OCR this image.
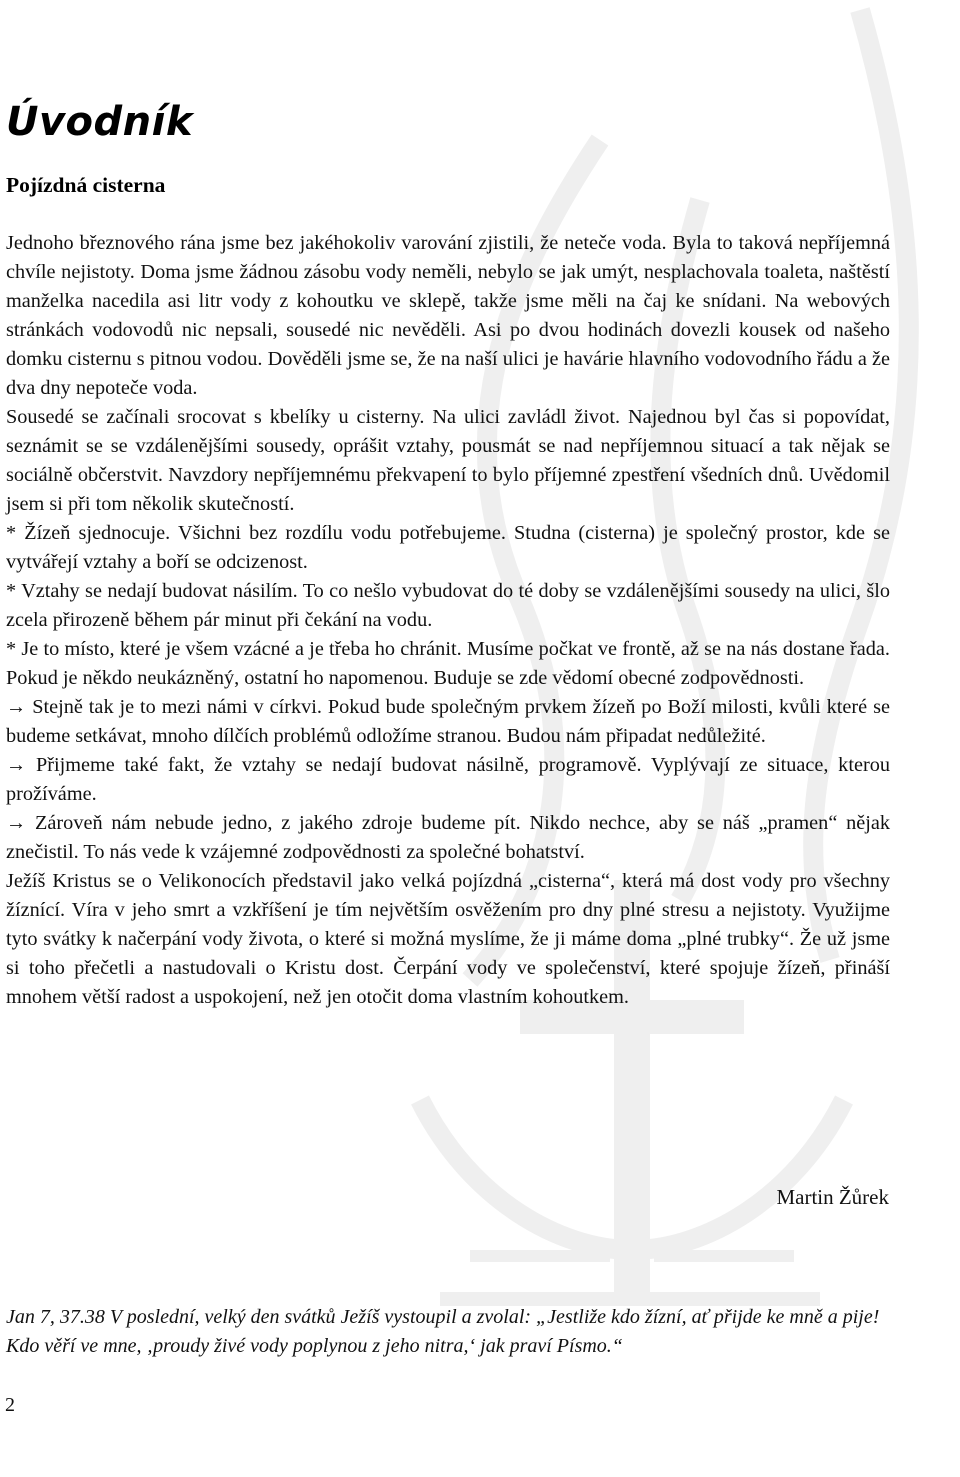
Úvodník
Pojízdná cisterna

Jednoho březnového rána jsme bez jakéhokoliv varování zjistili, že neteče voda. Byla to taková nepříjemná chvíle nejistoty. Doma jsme žádnou zásobu vody neměli, nebylo se jak umýt, nesplachovala toaleta, naštěstí manželka nacedila asi litr vody z kohoutku ve sklepě, takže jsme měli na čaj ke snídani. Na webových stránkách vodovodů nic nepsali, sousedé nic nevěděli. Asi po dvou hodinách dovezli kousek od našeho domku cisternu s pitnou vodou. Dověděli jsme se, že na naší ulici je havárie hlavního vodovodního řádu a že dva dny nepoteče voda.

Sousedé se začínali srocovat s kbelíky u cisterny. Na ulici zavládl život. Najednou byl čas si popovídat, seznámit se se vzdálenějšími sousedy, oprášit vztahy, pousmát se nad nepříjemnou situací a tak nějak se sociálně občerstvit. Navzdory nepříjemnému překvapení to bylo příjemné zpestření všedních dnů. Uvědomil jsem si při tom několik skutečností.

* Žízeň sjednocuje. Všichni bez rozdílu vodu potřebujeme. Studna (cisterna) je společný prostor, kde se vytvářejí vztahy a boří se odcizenost.

* Vztahy se nedají budovat násilím. To co nešlo vybudovat do té doby se vzdálenějšími sousedy na ulici, šlo zcela přirozeně během pár minut při čekání na vodu.

* Je to místo, které je všem vzácné a je třeba ho chránit. Musíme počkat ve frontě, až se na nás dostane řada. Pokud je někdo neukázněný, ostatní ho napomenou. Buduje se zde vědomí obecné zodpovědnosti.

→ Stejně tak je to mezi námi v církvi. Pokud bude společným prvkem žízeň po Boží milosti, kvůli které se budeme setkávat, mnoho dílčích problémů odložíme stranou. Budou nám připadat nedůležité.

→ Přijmeme také fakt, že vztahy se nedají budovat násilně, programově. Vyplývají ze situace, kterou prožíváme.

→ Zároveň nám nebude jedno, z jakého zdroje budeme pít. Nikdo nechce, aby se náš „pramen“ nějak znečistil. To nás vede k vzájemné zodpovědnosti za společné bohatství.

Ježíš Kristus se o Velikonocích představil jako velká pojízdná „cisterna“, která má dost vody pro všechny žíznící. Víra v jeho smrt a vzkříšení je tím největším osvěžením pro dny plné stresu a nejistoty. Využijme tyto svátky k načerpání vody života, o které si možná myslíme, že ji máme doma „plné trubky“. Že už jsme si toho přečetli a nastudovali o Kristu dost. Čerpání vody ve společenství, které spojuje žízeň, přináší mnohem větší radost a uspokojení, než jen otočit doma vlastním kohoutkem.

Martin Žůrek

Jan 7, 37.38 V poslední, velký den svátků Ježíš vystoupil a zvolal: „Jestliže kdo žízní, ať přijde ke mně a pije!

Kdo věří ve mne, ‚proudy živé vody poplynou z jeho nitra,‘ jak praví Písmo.“

2
